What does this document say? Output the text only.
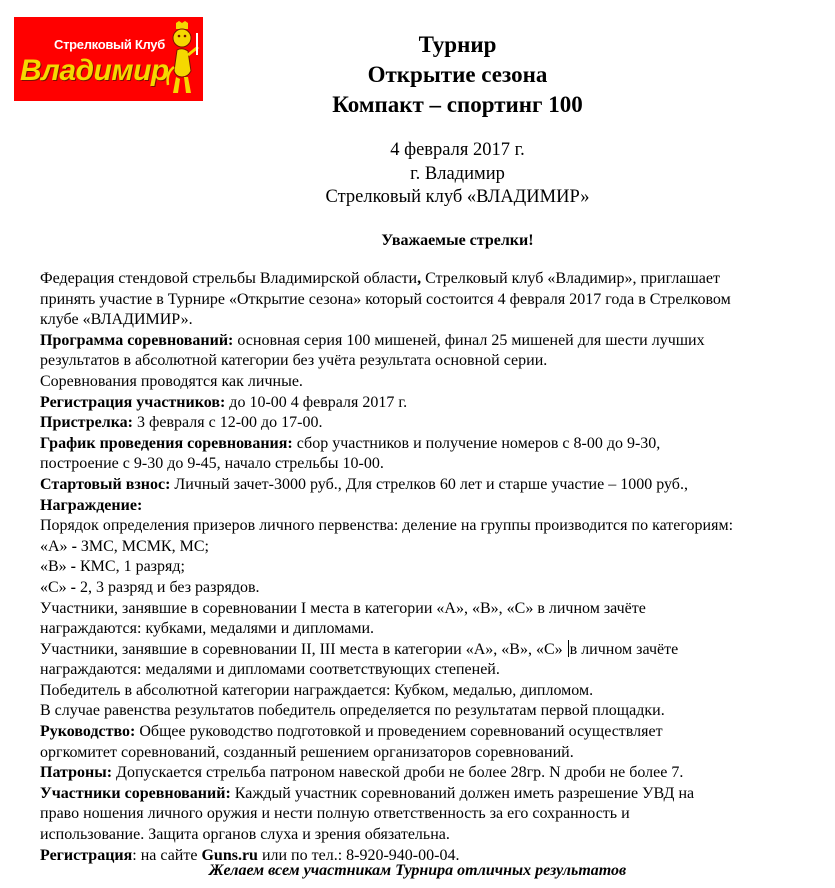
Стрелковый Клуб
Владимир
Турнир
Открытие сезона
Компакт – спортинг 100
4 февраля 2017 г.
г. Владимир
Стрелковый клуб «ВЛАДИМИР»
Уважаемые стрелки!

Федерация стендовой стрельбы Владимирской области, Стрелковый клуб «Владимир», приглашает

принять участие в Турнире «Открытие сезона» который состоится 4 февраля 2017 года в Стрелковом

клубе «ВЛАДИМИР».

Программа соревнований: основная серия 100 мишеней, финал 25 мишеней для шести лучших

результатов в абсолютной категории без учёта результата основной серии.

Соревнования проводятся как личные.

Регистрация участников: до 10-00 4 февраля 2017 г.

Пристрелка: 3 февраля с 12-00 до 17-00.

График проведения соревнования: сбор участников и получение номеров с 8-00 до 9-30,

построение с 9-30 до 9-45, начало стрельбы 10-00.

Стартовый взнос: Личный зачет-3000 руб., Для стрелков 60 лет и старше участие – 1000 руб.,

Награждение:

Порядок определения призеров личного первенства: деление на группы производится по категориям:

«А» - ЗМС, МСМК, МС;

«В» - КМС, 1 разряд;

«С» - 2, 3 разряд и без разрядов.

Участники, занявшие в соревновании I места в категории «А», «В», «С» в личном зачёте

награждаются: кубками, медалями и дипломами.

Участники, занявшие в соревновании II, III места в категории «А», «В», «С» в личном зачёте

награждаются: медалями и дипломами соответствующих степеней.

Победитель в абсолютной категории награждается: Кубком, медалью, дипломом.

В случае равенства результатов победитель определяется по результатам первой площадки.

Руководство: Общее руководство подготовкой и проведением соревнований осуществляет

оргкомитет соревнований, созданный решением организаторов соревнований.

Патроны: Допускается стрельба патроном навеской дроби не более 28гр. N дроби не более 7.

Участники соревнований: Каждый участник соревнований должен иметь разрешение УВД на

право ношения личного оружия и нести полную ответственность за его сохранность и

использование. Защита органов слуха и зрения обязательна.

Регистрация: на сайте Guns.ru или по тел.: 8-920-940-00-04.

Желаем всем участникам Турнира отличных результатов
